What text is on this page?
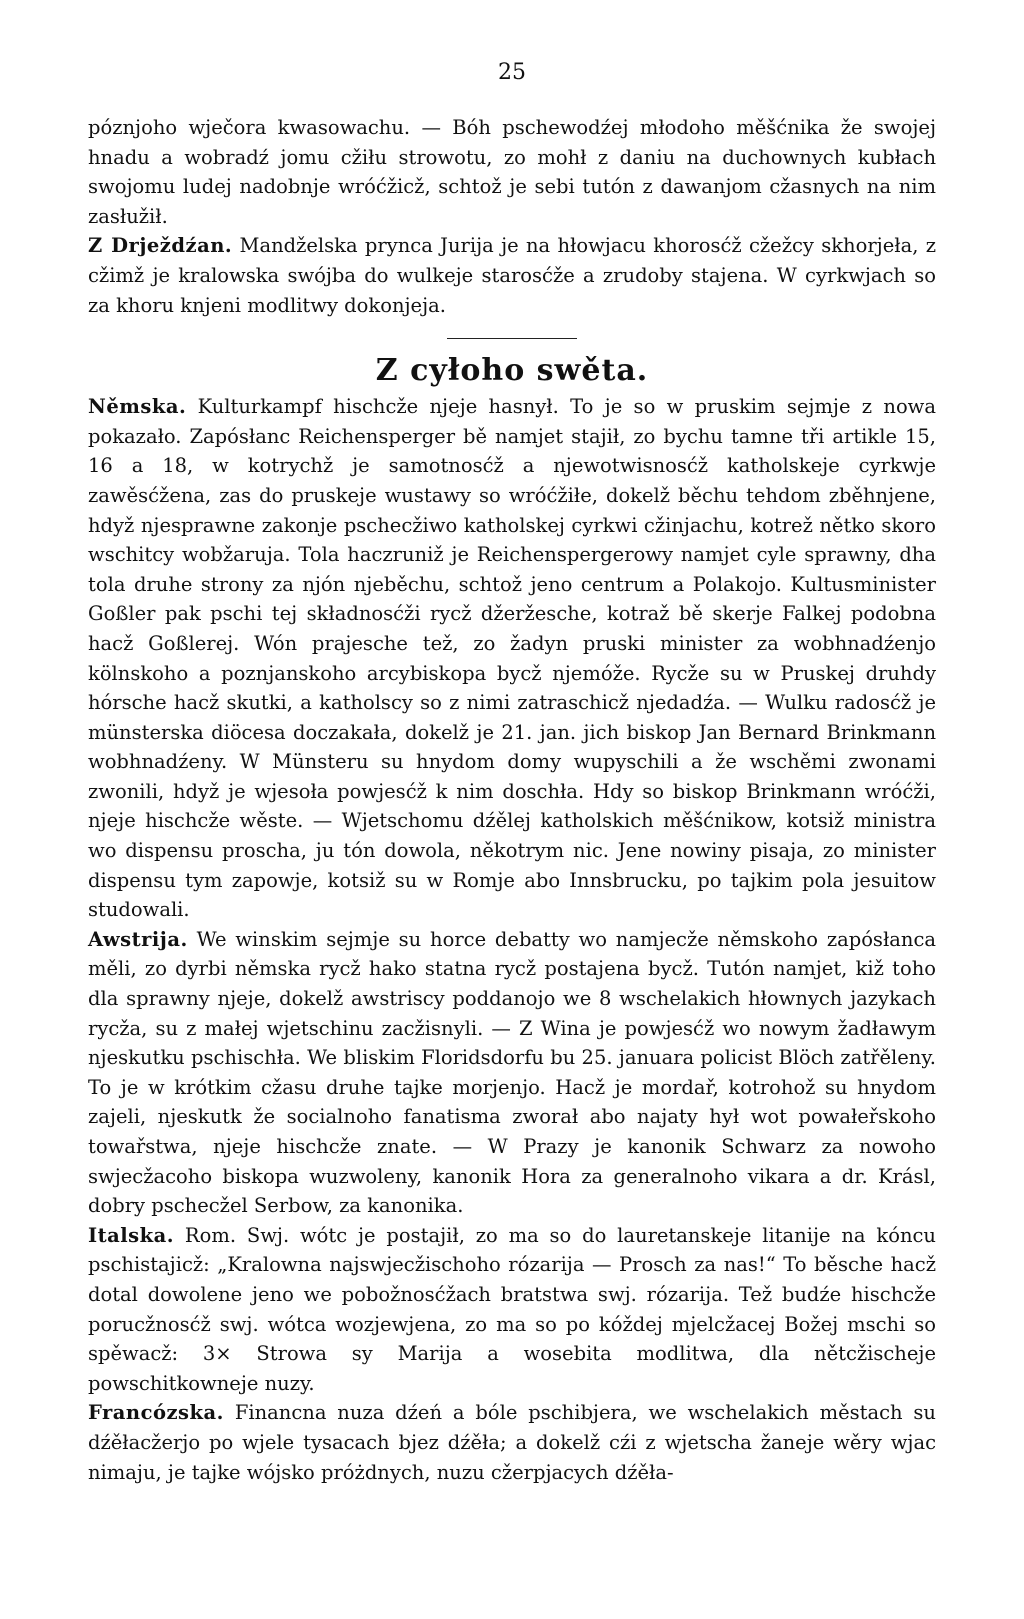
25

póznjoho wječora kwasowachu. — Bóh pschewodźej młodoho měšćnika že swojej hnadu a wobradź jomu cžiłu strowotu, zo mohł z daniu na duchownych kubłach swojomu ludej nadobnje wróćžicž, schtož je sebi tutón z dawanjom cžasnych na nim zasłužił.

Z Drježdźan. Mandželska prynca Jurija je na hłowjacu khorosćž cžežcy skhorjeła, z cžimž je kralowska swójba do wulkeje starosćže a zrudoby stajena. W cyrkwjach so za khoru knjeni modlitwy dokonjeja.

Z cyłoho swěta.

Němska. Kulturkampf hischcže njeje hasnył. To je so w pruskim sejmje z nowa pokazało. Zapósłanc Reichensperger bě namjet stajił, zo bychu tamne tři artikle 15, 16 a 18, w kotrychž je samotnosćž a njewotwisnosćž katholskeje cyrkwje zawěsćžena, zas do pruskeje wustawy so wróćžiłe, dokelž běchu tehdom zběhnjene, hdyž njesprawne zakonje pschecžiwo katholskej cyrkwi cžinjachu, kotrež nětko skoro wschitcy wobžaruja. Tola haczruniž je Reichenspergerowy namjet cyle sprawny, dha tola druhe strony za njón njeběchu, schtož jeno centrum a Polakojo. Kultusminister Goßler pak pschi tej składnosćži rycž džeržesche, kotraž bě skerje Falkej podobna hacž Goßlerej. Wón prajesche tež, zo žadyn pruski minister za wobhnadźenjo kölnskoho a poznjanskoho arcybiskopa bycž njemóže. Rycže su w Pruskej druhdy hórsche hacž skutki, a katholscy so z nimi zatraschicž njedadźa. — Wulku radosćž je münsterska diöcesa doczakała, dokelž je 21. jan. jich biskop Jan Bernard Brinkmann wobhnadźeny. W Münsteru su hnydom domy wupyschili a že wschěmi zwonami zwonili, hdyž je wjesoła powjesćž k nim doschła. Hdy so biskop Brinkmann wróćži, njeje hischcže wěste. — Wjetschomu dźělej katholskich měšćnikow, kotsiž ministra wo dispensu proscha, ju tón dowola, někotrym nic. Jene nowiny pisaja, zo minister dispensu tym zapowje, kotsiž su w Romje abo Innsbrucku, po tajkim pola jesuitow studowali.

Awstrija. We winskim sejmje su horce debatty wo namjecže němskoho zapósłanca měli, zo dyrbi němska rycž hako statna rycž postajena bycž. Tutón namjet, kiž toho dla sprawny njeje, dokelž awstriscy poddanojo we 8 wschelakich hłownych jazykach rycža, su z małej wjetschinu zacžisnyli. — Z Wina je powjesćž wo nowym žadławym njeskutku pschischła. We bliskim Floridsdorfu bu 25. januara policist Blöch zatřěleny. To je w krótkim cžasu druhe tajke morjenjo. Hacž je mordař, kotrohož su hnydom zajeli, njeskutk že socialnoho fanatisma zworał abo najaty hył wot powałeřskoho towařstwa, njeje hischcže znate. — W Prazy je kanonik Schwarz za nowoho swjecžacoho biskopa wuzwoleny, kanonik Hora za generalnoho vikara a dr. Krásl, dobry pschecžel Serbow, za kanonika.

Italska. Rom. Swj. wótc je postajił, zo ma so do lauretanskeje litanije na kóncu pschistajicž: „Kralowna najswjecžischoho rózarija — Prosch za nas!“ To běsche hacž dotal dowolene jeno we pobožnosćžach bratstwa swj. rózarija. Tež budźe hischcže porucžnosćž swj. wótca wozjewjena, zo ma so po kóždej mjelcžacej Božej mschi so spěwacž: 3× Strowa sy Marija a wosebita modlitwa, dla nětcžischeje powschitkowneje nuzy.

Francózska. Financna nuza dźeń a bóle pschibjera, we wschelakich městach su dźěłacžerjo po wjele tysacach bjez dźěła; a dokelž cźi z wjetscha žaneje wěry wjac nimaju, je tajke wójsko próżdnych, nuzu cžerpjacych dźěła-
